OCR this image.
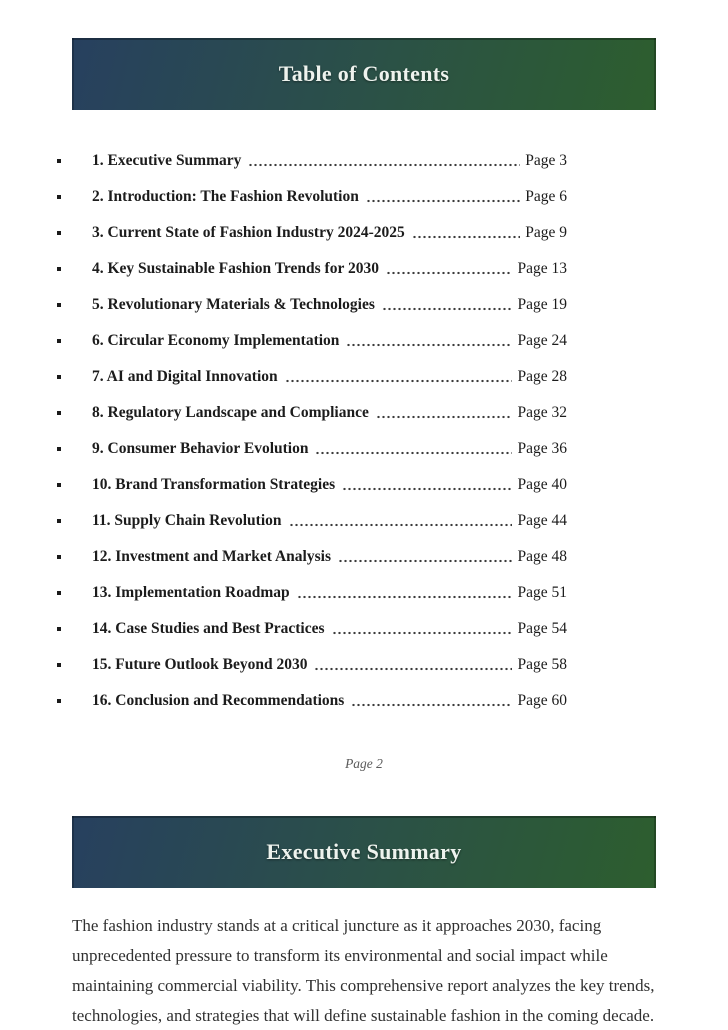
Table of Contents
1. Executive Summary	Page 3
2. Introduction: The Fashion Revolution	Page 6
3. Current State of Fashion Industry 2024-2025	Page 9
4. Key Sustainable Fashion Trends for 2030	Page 13
5. Revolutionary Materials & Technologies	Page 19
6. Circular Economy Implementation	Page 24
7. AI and Digital Innovation	Page 28
8. Regulatory Landscape and Compliance	Page 32
9. Consumer Behavior Evolution	Page 36
10. Brand Transformation Strategies	Page 40
11. Supply Chain Revolution	Page 44
12. Investment and Market Analysis	Page 48
13. Implementation Roadmap	Page 51
14. Case Studies and Best Practices	Page 54
15. Future Outlook Beyond 2030	Page 58
16. Conclusion and Recommendations	Page 60
Page 2
Executive Summary

The fashion industry stands at a critical juncture as it approaches 2030, facing unprecedented pressure to transform its environmental and social impact while maintaining commercial viability. This comprehensive report analyzes the key trends, technologies, and strategies that will define sustainable fashion in the coming decade.
